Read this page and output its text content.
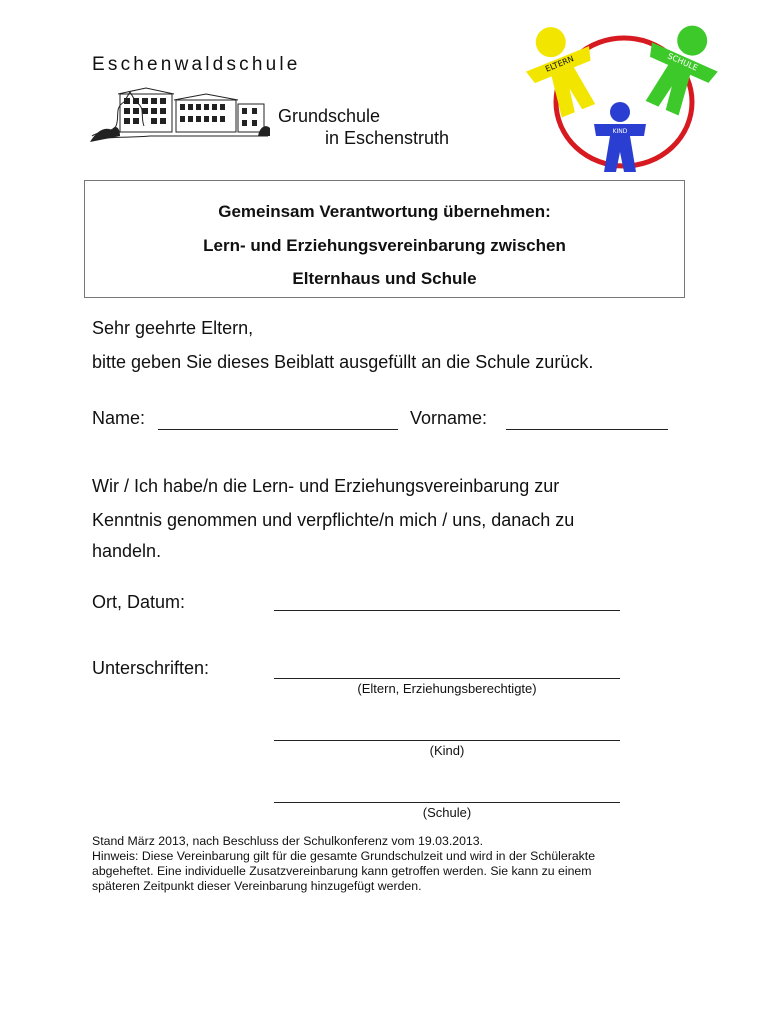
Eschenwaldschule
Grundschule
in Eschenstruth
ELTERN	SCHULE
KIND
Gemeinsam Verantwortung übernehmen:
Lern- und Erziehungsvereinbarung zwischen
Elternhaus und Schule
Sehr geehrte Eltern,
bitte geben Sie dieses Beiblatt ausgefüllt an die Schule zurück.
Name:	Vorname:
Wir / Ich habe/n die Lern- und Erziehungsvereinbarung zur
Kenntnis genommen und verpflichte/n mich / uns, danach zu
handeln.
Ort, Datum:
Unterschriften:
(Eltern, Erziehungsberechtigte)
(Kind)
(Schule)
Stand März 2013, nach Beschluss der Schulkonferenz vom 19.03.2013.
Hinweis: Diese Vereinbarung gilt für die gesamte Grundschulzeit und wird in der Schülerakte
abgeheftet. Eine individuelle Zusatzvereinbarung kann getroffen werden. Sie kann zu einem
späteren Zeitpunkt dieser Vereinbarung hinzugefügt werden.
